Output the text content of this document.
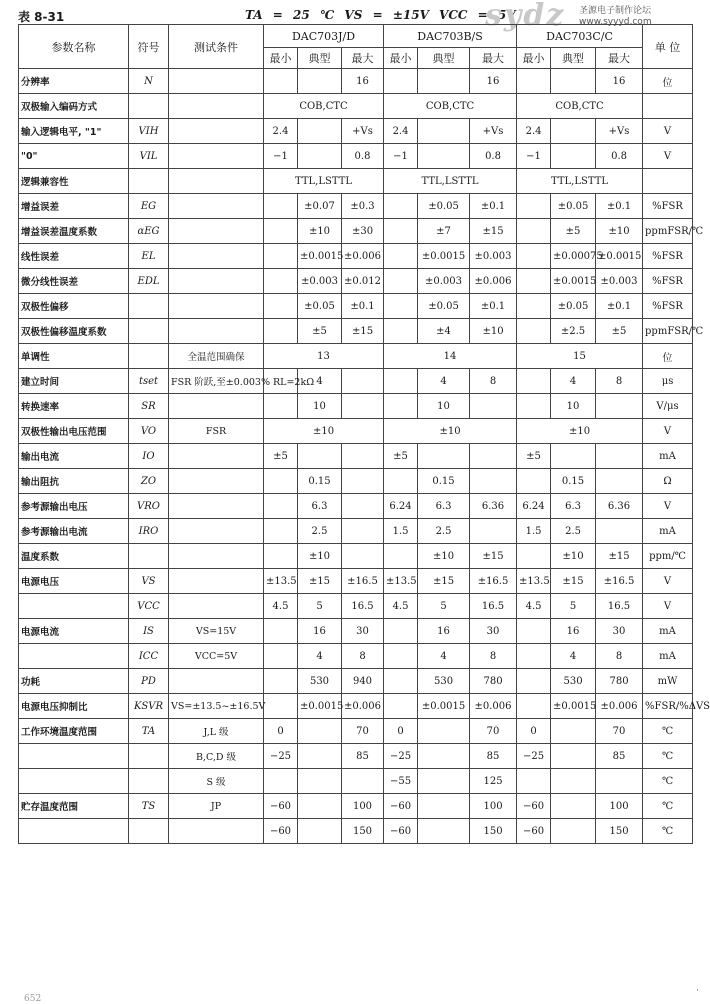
表 8-31	TA = 25 ℃ VS = ±15V VCC = 5V
sydz 圣源电子制作论坛
www.syyyd.com
参数名称	符号	测试条件	DAC703J/D			DAC703B/S			DAC703C/C			单 位
			最小	典型	最大	最小	典型	最大	最小	典型	最大	
分辨率	N				16			16			16	位
双极输入编码方式			COB,CTC			COB,CTC			COB,CTC			
输入逻辑电平, "1"	VIH		2.4		+Vs	2.4		+Vs	2.4		+Vs	V
"0"	VIL		−1		0.8	−1		0.8	−1		0.8	V
逻辑兼容性			TTL,LSTTL			TTL,LSTTL			TTL,LSTTL			
增益误差	EG			±0.07	±0.3		±0.05	±0.1		±0.05	±0.1	%FSR
增益误差温度系数	αEG			±10	±30		±7	±15		±5	±10	ppmFSR/℃
线性误差	EL			±0.0015	±0.006		±0.0015	±0.003		±0.00075	±0.0015	%FSR
微分线性误差	EDL			±0.003	±0.012		±0.003	±0.006		±0.0015	±0.003	%FSR
双极性偏移				±0.05	±0.1		±0.05	±0.1		±0.05	±0.1	%FSR
双极性偏移温度系数				±5	±15		±4	±10		±2.5	±5	ppmFSR/℃
单调性		全温范围确保	13			14			15			位
建立时间	tset	FSR 阶跃,至±0.003% RL=2kΩ		4			4	8		4	8	μs
转换速率	SR			10			10			10		V/μs
双极性输出电压范围	VO	FSR	±10			±10			±10			V
输出电流	IO		±5			±5			±5			mA
输出阻抗	ZO			0.15			0.15			0.15		Ω
参考源输出电压	VRO			6.3		6.24	6.3	6.36	6.24	6.3	6.36	V
参考源输出电流	IRO			2.5		1.5	2.5		1.5	2.5		mA
温度系数				±10			±10	±15		±10	±15	ppm/℃
电源电压	VS		±13.5	±15	±16.5	±13.5	±15	±16.5	±13.5	±15	±16.5	V
	VCC		4.5	5	16.5	4.5	5	16.5	4.5	5	16.5	V
电源电流	IS	VS=15V		16	30		16	30		16	30	mA
	ICC	VCC=5V		4	8		4	8		4	8	mA
功耗	PD			530	940		530	780		530	780	mW
电源电压抑制比	KSVR	VS=±13.5~±16.5V		±0.0015	±0.006		±0.0015	±0.006		±0.0015	±0.006	%FSR/%ΔVS
工作环境温度范围	TA	J,L 级	0		70	0		70	0		70	℃
		B,C,D 级	−25		85	−25		85	−25		85	℃
		S 级				−55		125				℃
贮存温度范围	TS	JP	−60		100	−60		100	−60		100	℃
			−60		150	−60		150	−60		150	℃
652
·
